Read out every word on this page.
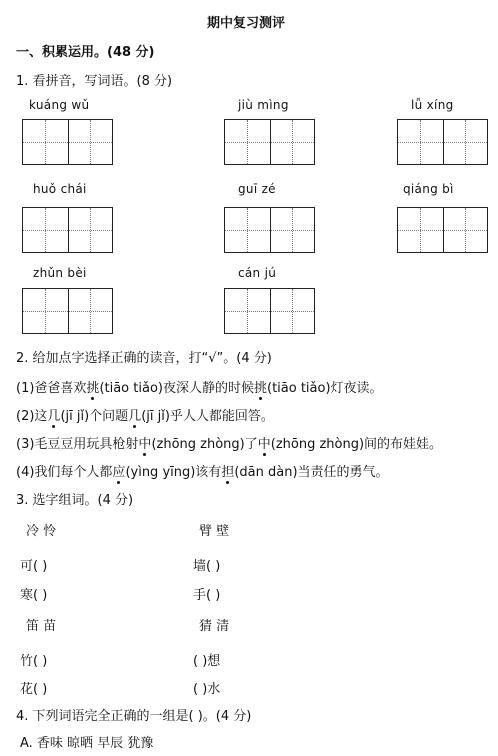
期中复习测评
一、积累运用。(48 分)
1. 看拼音，写词语。(8 分)
kuáng wǔ	jiù mìng	lǚ xíng
huǒ chái	guī zé	qiáng bì
zhǔn bèi	cán jú
2. 给加点字选择正确的读音，打“√”。(4 分)
(1)爸爸喜欢挑(tiāo tiǎo)夜深人静的时候挑(tiāo tiǎo)灯夜读。
(2)这几(jī jǐ)个问题几(jī jǐ)乎人人都能回答。
(3)毛豆豆用玩具枪射中(zhōng zhòng)了中(zhōng zhòng)间的布娃娃。
(4)我们每个人都应(yìng yīng)该有担(dān dàn)当责任的勇气。
3. 选字组词。(4 分)
冷 怜	臂 壁
可( )	墙( )
寒( )	手( )
笛 苗	猜 清
竹( )	( )想
花( )	( )水
4. 下列词语完全正确的一组是( )。(4 分)
A. 香味 晾晒 早辰 犹豫
